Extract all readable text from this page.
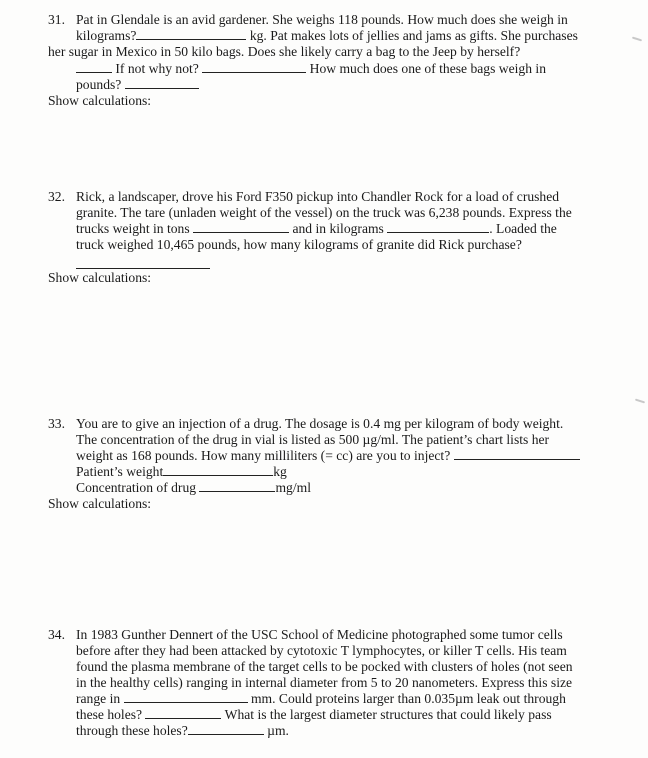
31. Pat in Glendale is an avid gardener. She weighs 118 pounds. How much does she weigh in
kilograms?	kg. Pat makes lots of jellies and jams as gifts. She purchases
her sugar in Mexico in 50 kilo bags. Does she likely carry a bag to the Jeep by herself?
If not why not?	How much does one of these bags weigh in
pounds?
Show calculations:
32. Rick, a landscaper, drove his Ford F350 pickup into Chandler Rock for a load of crushed
granite. The tare (unladen weight of the vessel) on the truck was 6,238 pounds. Express the
trucks weight in tons	and in kilograms	. Loaded the
truck weighed 10,465 pounds, how many kilograms of granite did Rick purchase?
Show calculations:
33. You are to give an injection of a drug. The dosage is 0.4 mg per kilogram of body weight.
The concentration of the drug in vial is listed as 500 µg/ml. The patient’s chart lists her
weight as 168 pounds. How many milliliters (= cc) are you to inject?
Patient’s weight	kg
Concentration of drug	mg/ml
Show calculations:
34. In 1983 Gunther Dennert of the USC School of Medicine photographed some tumor cells
before after they had been attacked by cytotoxic T lymphocytes, or killer T cells. His team
found the plasma membrane of the target cells to be pocked with clusters of holes (not seen
in the healthy cells) ranging in internal diameter from 5 to 20 nanometers. Express this size
range in	mm. Could proteins larger than 0.035µm leak out through
these holes?	What is the largest diameter structures that could likely pass
through these holes?	µm.
